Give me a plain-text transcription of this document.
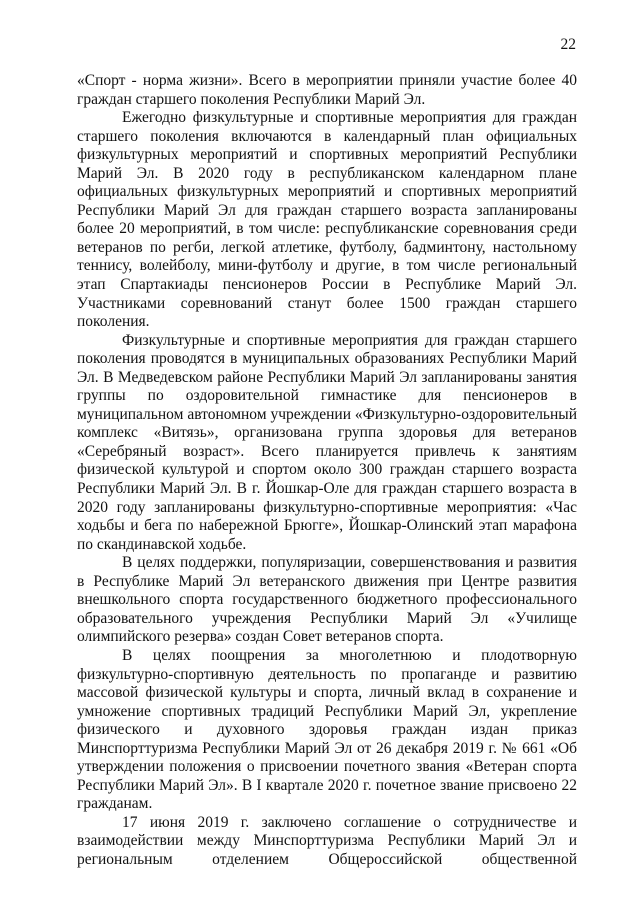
22

«Спорт - норма жизни». Всего в мероприятии приняли участие более 40 граждан старшего поколения Республики Марий Эл.

Ежегодно физкультурные и спортивные мероприятия для граждан старшего поколения включаются в календарный план официальных физкультурных мероприятий и спортивных мероприятий Республики Марий Эл. В 2020 году в республиканском календарном плане официальных физкультурных мероприятий и спортивных мероприятий Республики Марий Эл для граждан старшего возраста запланированы более 20 мероприятий, в том числе: республиканские соревнования среди ветеранов по регби, легкой атлетике, футболу, бадминтону, настольному теннису, волейболу, мини-футболу и другие, в том числе региональный этап Спартакиады пенсионеров России в Республике Марий Эл. Участниками соревнований станут более 1500 граждан старшего поколения.

Физкультурные и спортивные мероприятия для граждан старшего поколения проводятся в муниципальных образованиях Республики Марий Эл. В Медведевском районе Республики Марий Эл запланированы занятия группы по оздоровительной гимнастике для пенсионеров в муниципальном автономном учреждении «Физкультурно-оздоровительный комплекс «Витязь», организована группа здоровья для ветеранов «Серебряный возраст». Всего планируется привлечь к занятиям физической культурой и спортом около 300 граждан старшего возраста Республики Марий Эл. В г. Йошкар-Оле для граждан старшего возраста в 2020 году запланированы физкультурно-спортивные мероприятия: «Час ходьбы и бега по набережной Брюгге», Йошкар-Олинский этап марафона по скандинавской ходьбе.

В целях поддержки, популяризации, совершенствования и развития в Республике Марий Эл ветеранского движения при Центре развития внешкольного спорта государственного бюджетного профессионального образовательного учреждения Республики Марий Эл «Училище олимпийского резерва» создан Совет ветеранов спорта.

В целях поощрения за многолетнюю и плодотворную физкультурно-спортивную деятельность по пропаганде и развитию массовой физической культуры и спорта, личный вклад в сохранение и умножение спортивных традиций Республики Марий Эл, укрепление физического и духовного здоровья граждан издан приказ Минспорттуризма Республики Марий Эл от 26 декабря 2019 г. № 661 «Об утверждении положения о присвоении почетного звания «Ветеран спорта Республики Марий Эл». В I квартале 2020 г. почетное звание присвоено 22 гражданам.

17 июня 2019 г. заключено соглашение о сотрудничестве и взаимодействии между Минспорттуризма Республики Марий Эл и региональным отделением Общероссийской общественной
